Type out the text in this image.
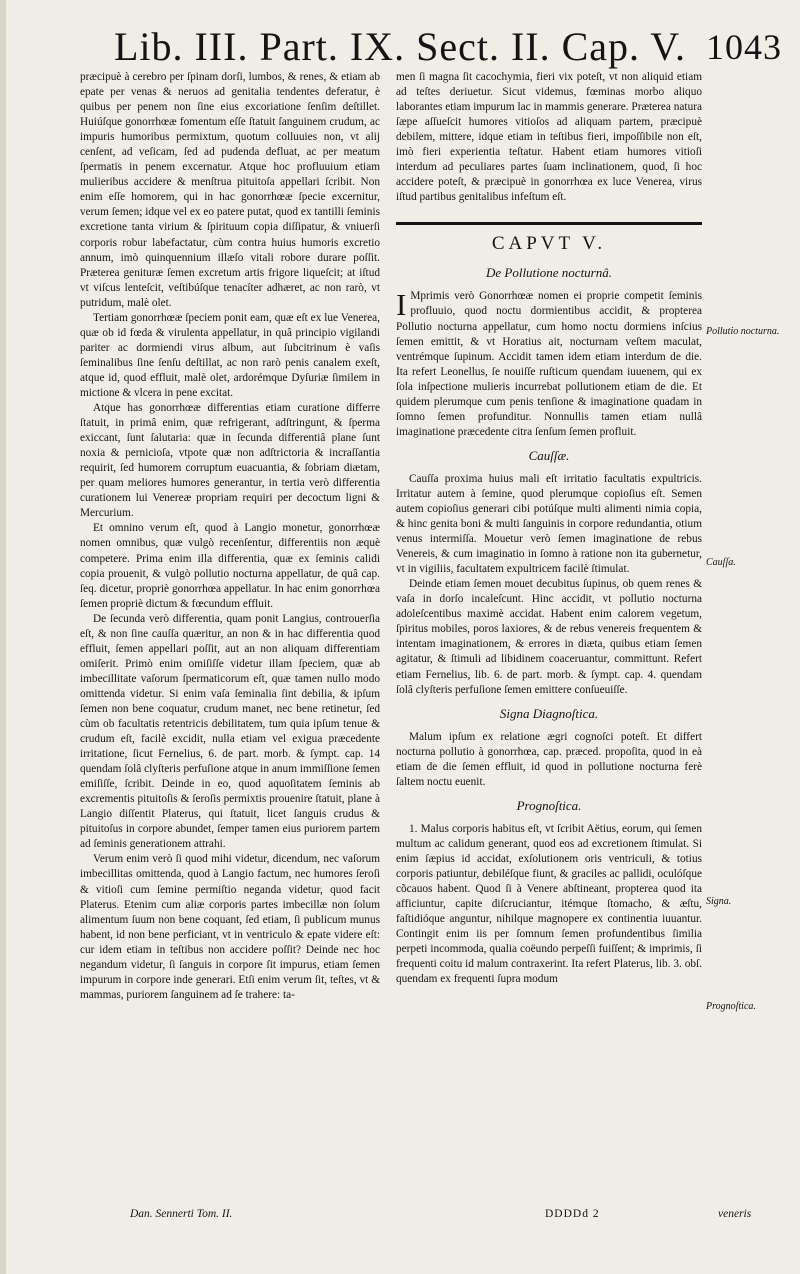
Lib. III. Part. IX. Sect. II. Cap. V. 1043

præcipuè à cerebro per ſpinam dorſi, lumbos, & renes, & etiam ab epate per venas & neruos ad genitalia tendentes deferatur, è quibus per penem non ſine eius excoriatione ſenſim deſtillet. Huiúſque gonorrhœæ fomentum eſſe ſtatuit ſanguinem crudum, ac impuris humoribus permixtum, quotum colluuies non, vt alij cenſent, ad veſicam, ſed ad pudenda defluat, ac per meatum ſpermatis in penem excernatur. Atque hoc profluuium etiam mulieribus accidere & menſtrua pituitoſa appellari ſcribit. Non enim eſſe homorem, qui in hac gonorrhœæ ſpecie excernitur, verum ſemen; idque vel ex eo patere putat, quod ex tantilli ſeminis excretione tanta virium & ſpirituum copia diſſipatur, & vniuerſi corporis robur labefactatur, cùm contra huius humoris excretio annum, imò quinquennium illæſo vitali robore durare poſſit. Præterea genituræ ſemen excretum artis frigore liqueſcit; at iſtud vt viſcus lenteſcit, veſtibúſque tenacíter adhæret, ac non rarò, vt putridum, malè olet.

Tertiam gonorrhœæ ſpeciem ponit eam, quæ eſt ex lue Venerea, quæ ob id fœda & virulenta appellatur, in quâ principio vigilandi pariter ac dormiendi virus album, aut ſubcitrinum è vaſis ſeminalibus ſine ſenſu deſtillat, ac non rarò penis canalem exeſt, atque id, quod effluit, malè olet, ardorémque Dyſuriæ ſimilem in mictione & vlcera in pene excitat.

Atque has gonorrhœæ differentias etiam curatione differre ſtatuit, in primâ enim, quæ refrigerant, adſtringunt, & ſperma exiccant, ſunt ſalutaria: quæ in ſecunda differentiâ plane ſunt noxia & pernicioſa, vtpote quæ non adſtrictoria & incraſſantia requirit, ſed humorem corruptum euacuantia, & ſobriam diætam, per quam meliores humores generantur, in tertia verò differentia curationem lui Venereæ propriam requiri per decoctum ligni & Mercurium.

Et omnino verum eſt, quod à Langio monetur, gonorrhœæ nomen omnibus, quæ vulgò recenſentur, differentiis non æquè competere. Prima enim illa differentia, quæ ex ſeminis calidi copia prouenit, & vulgò pollutio nocturna appellatur, de quâ cap. ſeq. dicetur, propriè gonorrhœa appellatur. In hac enim gonorrhœa ſemen propriè dictum & fœcundum effluit.

De ſecunda verò differentia, quam ponit Langius, controuerſia eſt, & non ſine cauſſa quæritur, an non & in hac differentia quod effluit, ſemen appellari poſſit, aut an non aliquam differentiam omiſerit. Primò enim omiſiſſe videtur illam ſpeciem, quæ ab imbecillitate vaſorum ſpermaticorum eſt, quæ tamen nullo modo omittenda videtur. Si enim vaſa ſeminalia ſint debilia, & ipſum ſemen non bene coquatur, crudum manet, nec bene retinetur, ſed cùm ob facultatis retentricis debilitatem, tum quia ipſum tenue & crudum eſt, facilè excidit, nulla etiam vel exigua præcedente irritatione, ſicut Fernelius, 6. de part. morb. & ſympt. cap. 14 quendam ſolâ clyſteris perfuſione atque in anum immiſſione ſemen emiſiſſe, ſcribit. Deinde in eo, quod aquoſitatem ſeminis ab excrementis pituitoſis & ſeroſis permixtis prouenire ſtatuit, plane à Langio diſſentit Platerus, qui ſtatuit, licet ſanguis crudus & pituitoſus in corpore abundet, ſemper tamen eius puriorem partem ad ſeminis generationem attrahi.

Verum enim verò ſi quod mihi videtur, dicendum, nec vaſorum imbecillitas omittenda, quod à Langio factum, nec humores ſeroſi & vitioſi cum ſemine permiſtio neganda videtur, quod facit Platerus. Etenim cum aliæ corporis partes imbecillæ non ſolum alimentum ſuum non bene coquant, ſed etiam, ſi publicum munus habent, id non bene perficiant, vt in ventriculo & epate videre eſt: cur idem etiam in teſtibus non accidere poſſit? Deinde nec hoc negandum videtur, ſi ſanguis in corpore ſit impurus, etiam ſemen impurum in corpore inde generari. Etſi enim verum ſit, teſtes, vt & mammas, puriorem ſanguinem ad ſe trahere: ta-

men ſi magna ſit cacochymia, fieri vix poteſt, vt non aliquid etiam ad teſtes deriuetur. Sicut videmus, fœminas morbo aliquo laborantes etiam impurum lac in mammis generare. Præterea natura ſæpe aſſueſcit humores vitioſos ad aliquam partem, præcipuè debilem, mittere, idque etiam in teſtibus fieri, impoſſibile non eſt, imò fieri experientia teſtatur. Habent etiam humores vitioſi interdum ad peculiares partes ſuam inclinationem, quod, ſi hoc accidere poteſt, & præcipuè in gonorrhœa ex luce Venerea, virus iſtud partibus genitalibus infeſtum eſt.

CAPVT V.
De Pollutione nocturnâ.

I Mprimis verò Gonorrhœæ nomen ei proprie competit ſeminis profluuio, quod noctu dormientibus accidit, & propterea Pollutio nocturna appellatur, cum homo noctu dormiens inſcius ſemen emittit, & vt Horatius ait, nocturnam veſtem maculat, ventrémque ſupinum. Accidit tamen idem etiam interdum de die. Ita refert Leonellus, ſe nouiſſe ruſticum quendam iuuenem, qui ex ſola inſpectione mulieris incurrebat pollutionem etiam de die. Et quidem plerumque cum penis tenſione & imaginatione quadam in ſomno ſemen profunditur. Nonnullis tamen etiam nullâ imaginatione præcedente citra ſenſum ſemen profluit.

Cauſſæ.

Cauſſa proxima huius mali eſt irritatio facultatis expultricis. Irritatur autem à ſemine, quod plerumque copioſius eſt. Semen autem copioſius generari cibi potúſque multi alimenti nimia copia, & hinc genita boni & multi ſanguinis in corpore redundantia, otium venus intermiſſa. Mouetur verò ſemen imaginatione de rebus Venereis, & cum imaginatio in ſomno à ratione non ita gubernetur, vt in vigiliis, facultatem expultricem facilè ſtimulat.

Deinde etiam ſemen mouet decubitus ſupinus, ob quem renes & vaſa in dorſo incaleſcunt. Hinc accidit, vt pollutio nocturna adoleſcentibus maximè accidat. Habent enim calorem vegetum, ſpiritus mobiles, poros laxiores, & de rebus venereis frequentem & intentam imaginationem, & errores in diæta, quibus etiam ſemen agitatur, & ſtimuli ad libidinem coaceruantur, committunt. Refert etiam Fernelius, lib. 6. de part. morb. & ſympt. cap. 4. quendam ſolâ clyſteris perfuſione ſemen emittere conſueuiſſe.

Signa Diagnoſtica.

Malum ipſum ex relatione ægri cognoſci poteſt. Et differt nocturna pollutio à gonorrhœa, cap. præced. propoſita, quod in eà etiam de die ſemen effluit, id quod in pollutione nocturna ferè ſaltem noctu euenit.

Prognoſtica.

1. Malus corporis habitus eſt, vt ſcribit Aëtius, eorum, qui ſemen multum ac calidum generant, quod eos ad excretionem ſtimulat. Si enim ſæpius id accidat, exſolutionem oris ventriculi, & totius corporis patiuntur, debiléſque fiunt, & graciles ac pallidi, oculóſque cõcauos habent. Quod ſi à Venere abſtineant, propterea quod ita afficiuntur, capite diſcruciantur, itémque ſtomacho, & æſtu, faſtidióque anguntur, nihilque magnopere ex continentia iuuantur. Contingit enim iis per ſomnum ſemen profundentibus ſimilia perpeti incommoda, qualia coëundo perpeſſi fuiſſent; & imprimis, ſi frequenti coitu id malum contraxerint. Ita refert Platerus, lib. 3. obſ. quendam ex frequenti ſupra modum

Pollutio nocturna.
Cauſſa.
Signa.
Prognoſtica.
Dan. Sennerti Tom. II.	DDDDd 2	veneris
